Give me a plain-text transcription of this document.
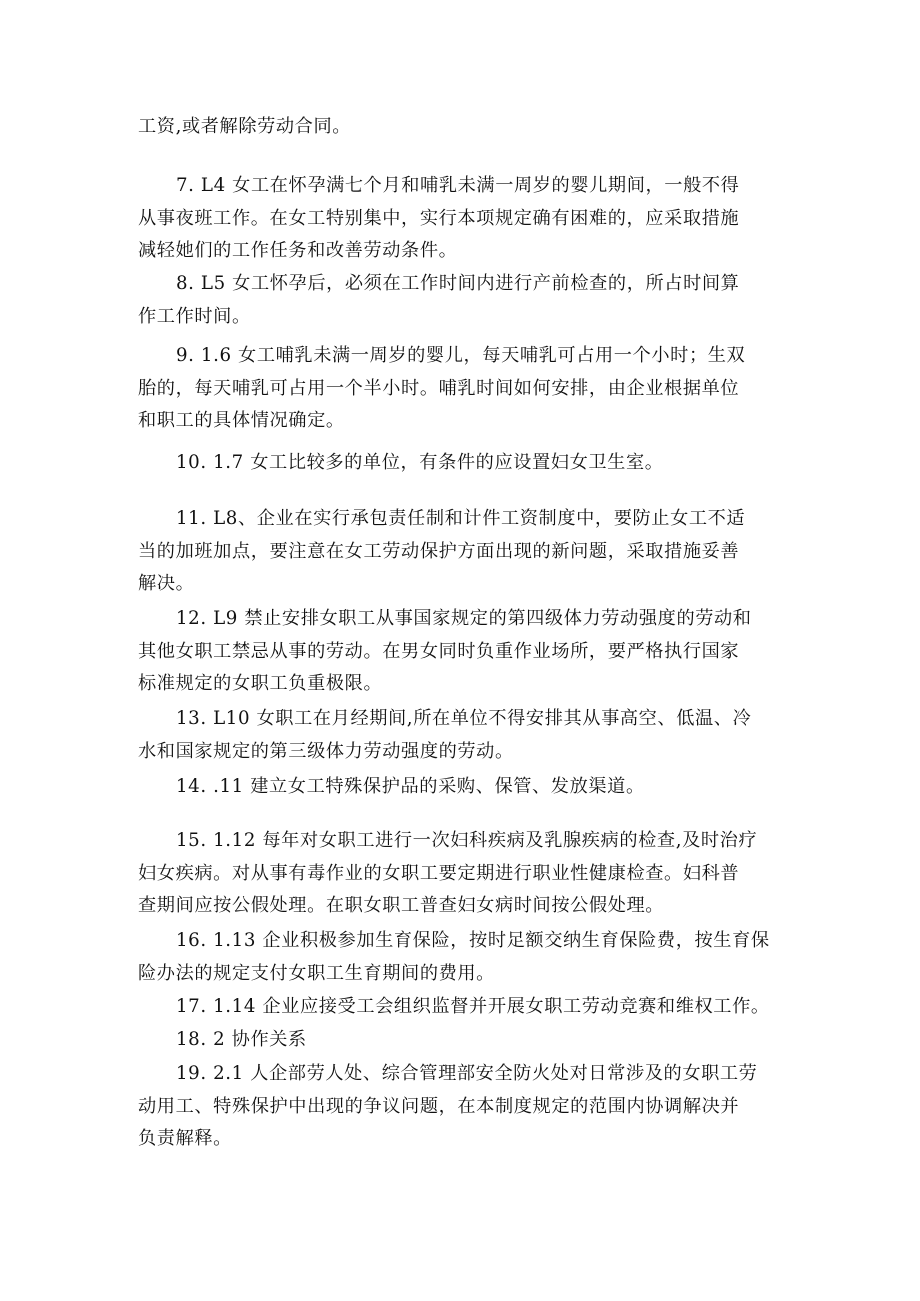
工资,或者解除劳动合同。

7. L4 女工在怀孕满七个月和哺乳未满一周岁的婴儿期间，一般不得
从事夜班工作。在女工特别集中，实行本项规定确有困难的，应采取措施
减轻她们的工作任务和改善劳动条件。

8. L5 女工怀孕后，必须在工作时间内进行产前检查的，所占时间算
作工作时间。

9. 1.6 女工哺乳未满一周岁的婴儿，每天哺乳可占用一个小时；生双
胎的，每天哺乳可占用一个半小时。哺乳时间如何安排，由企业根据单位
和职工的具体情况确定。

10. 1.7 女工比较多的单位，有条件的应设置妇女卫生室。

11. L8、企业在实行承包责任制和计件工资制度中，要防止女工不适
当的加班加点，要注意在女工劳动保护方面出现的新问题，采取措施妥善
解决。

12. L9 禁止安排女职工从事国家规定的第四级体力劳动强度的劳动和
其他女职工禁忌从事的劳动。在男女同时负重作业场所，要严格执行国家
标准规定的女职工负重极限。

13. L10 女职工在月经期间,所在单位不得安排其从事高空、低温、冷
水和国家规定的第三级体力劳动强度的劳动。

14. .11 建立女工特殊保护品的采购、保管、发放渠道。

15. 1.12 每年对女职工进行一次妇科疾病及乳腺疾病的检查,及时治疗
妇女疾病。对从事有毒作业的女职工要定期进行职业性健康检查。妇科普
查期间应按公假处理。在职女职工普查妇女病时间按公假处理。

16. 1.13 企业积极参加生育保险，按时足额交纳生育保险费，按生育保
险办法的规定支付女职工生育期间的费用。

17. 1.14 企业应接受工会组织监督并开展女职工劳动竞赛和维权工作。

18. 2 协作关系

19. 2.1 人企部劳人处、综合管理部安全防火处对日常涉及的女职工劳
动用工、特殊保护中出现的争议问题，在本制度规定的范围内协调解决并
负责解释。
